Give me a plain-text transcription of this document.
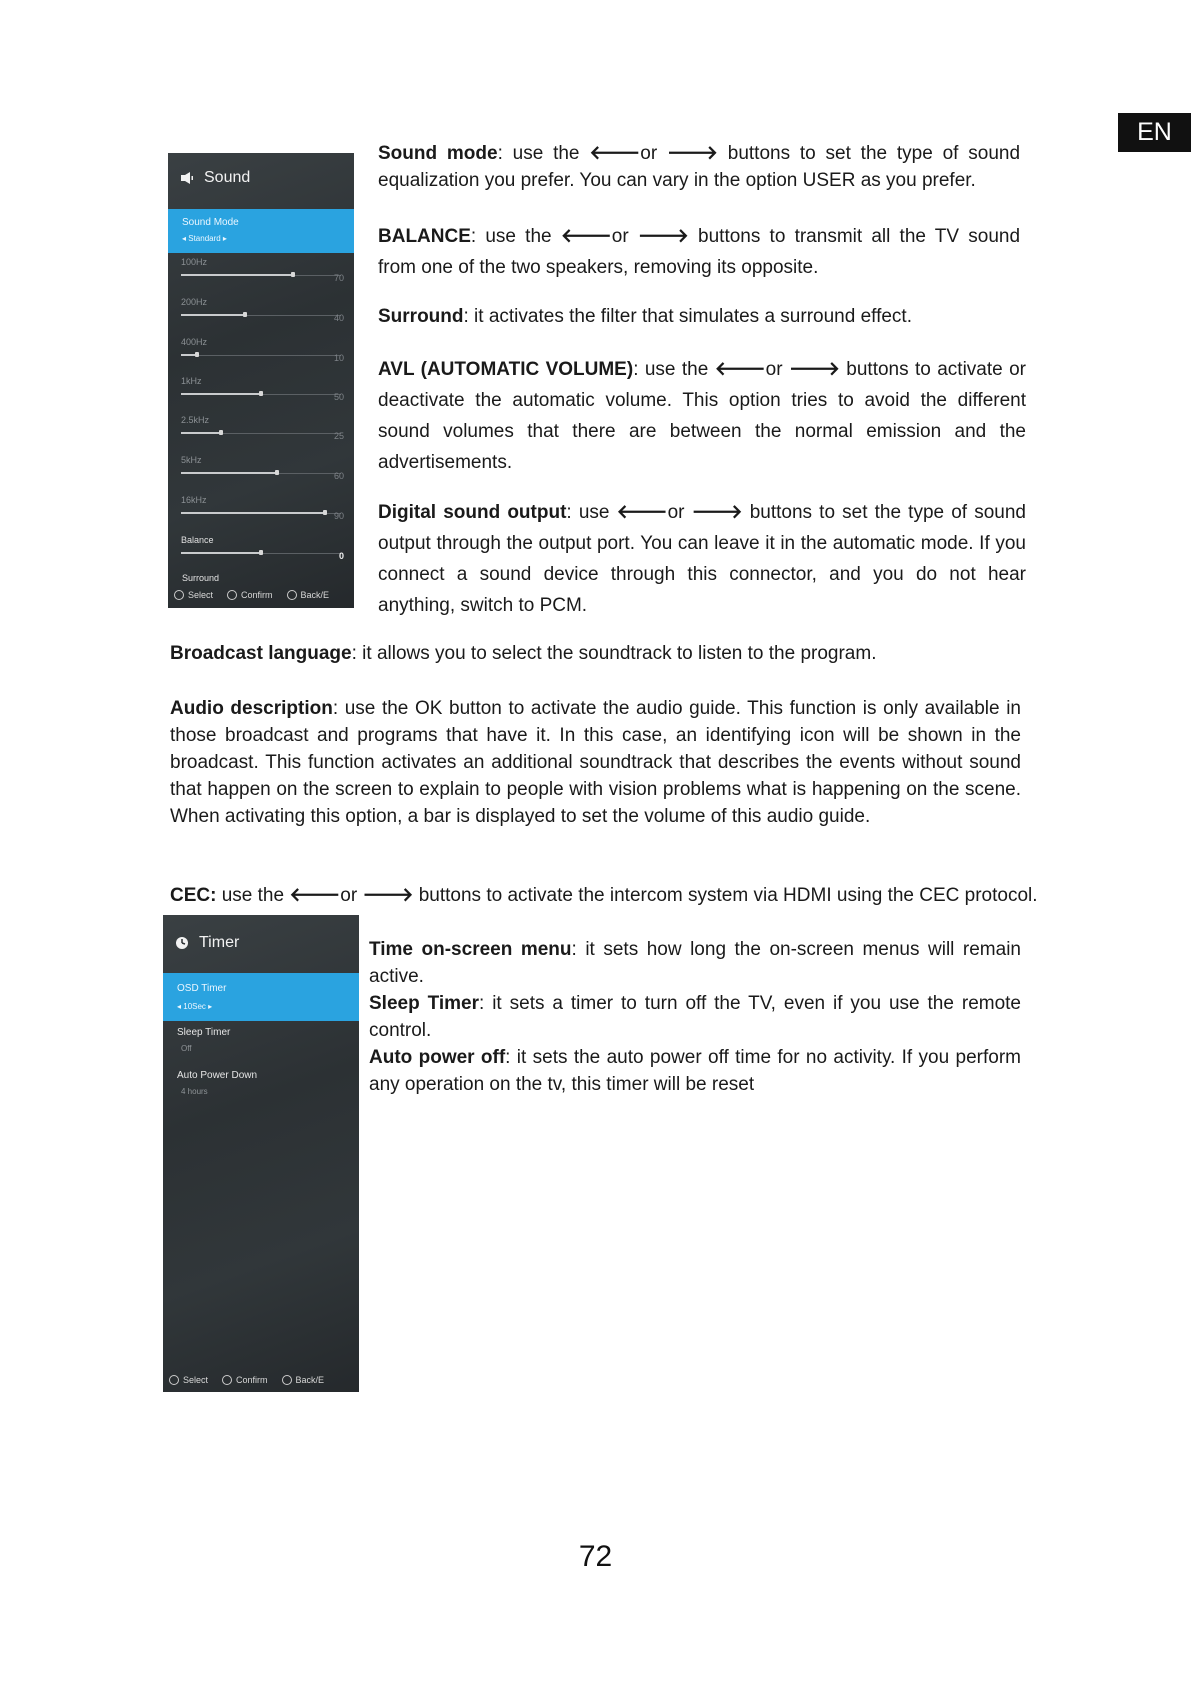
EN
Sound
Sound Mode
◂ Standard ▸
100Hz
70
200Hz
40
400Hz
10
1kHz
50
2.5kHz
25
5kHz
60
16kHz
90
Balance
0
Surround
Select	Confirm	Back/E

Sound mode: use the 🡐or 🡒 buttons to set the type of sound equalization you prefer. You can vary in the option USER as you prefer.

BALANCE: use the 🡐or 🡒 buttons to transmit all the TV sound from one of the two speakers, removing its opposite.

Surround: it activates the filter that simulates a surround effect.

AVL (AUTOMATIC VOLUME): use the 🡐or 🡒 buttons to activate or deactivate the automatic volume. This option tries to avoid the different sound volumes that there are between the normal emission and the advertisements.

Digital sound output: use 🡐or 🡒 buttons to set the type of sound output through the output port. You can leave it in the automatic mode. If you connect a sound device through this connector, and you do not hear anything, switch to PCM.

Broadcast language: it allows you to select the soundtrack to listen to the program.

Audio description: use the OK button to activate the audio guide. This function is only available in those broadcast and programs that have it. In this case, an identifying icon will be shown in the broadcast. This function activates an additional soundtrack that describes the events without sound that happen on the screen to explain to people with vision problems what is happening on the scene. When activating this option, a bar is displayed to set the volume of this audio guide.

CEC: use the 🡐or 🡒 buttons to activate the intercom system via HDMI using the CEC protocol.

Timer
OSD Timer
◂ 10Sec ▸
Sleep Timer
Off
Auto Power Down
4 hours
Select	Confirm	Back/E

Time on-screen menu: it sets how long the on-screen menus will remain active.

Sleep Timer: it sets a timer to turn off the TV, even if you use the remote control.

Auto power off: it sets the auto power off time for no activity. If you perform any operation on the tv, this timer will be reset

72
